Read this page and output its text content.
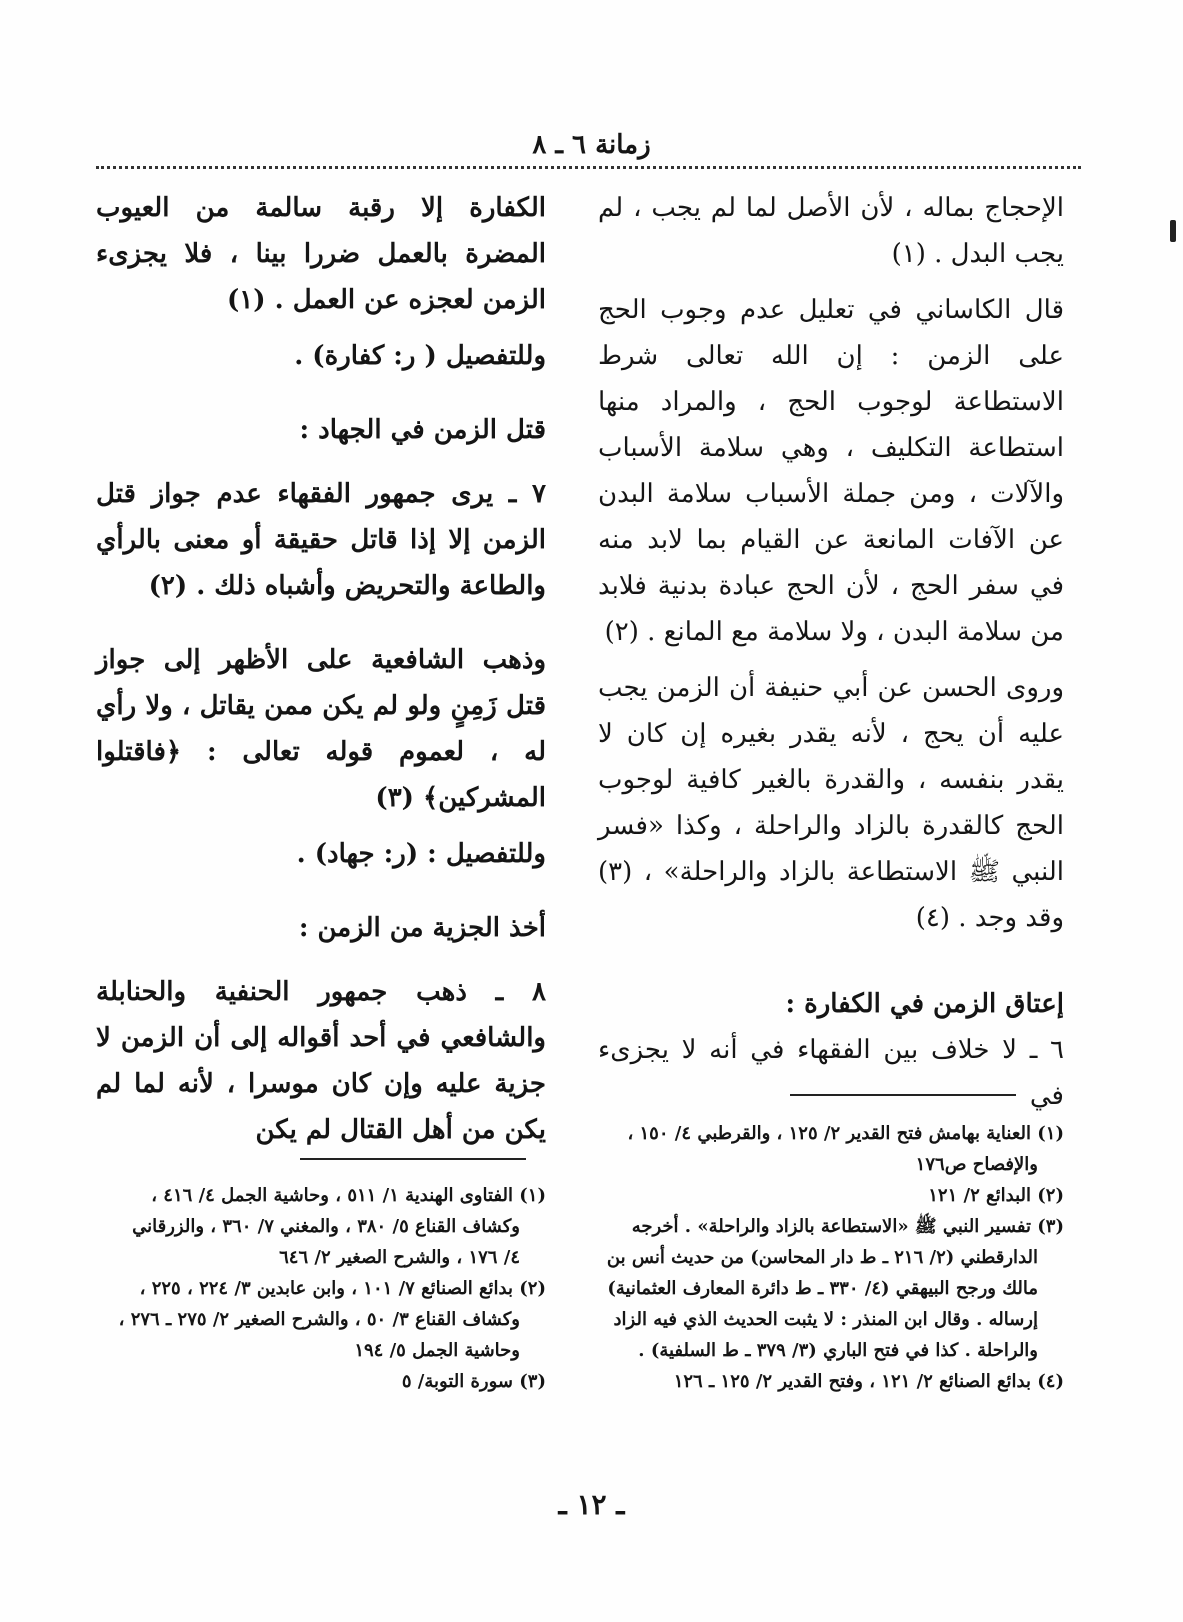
زمانة ٦ ـ ٨

الإحجاج بماله ، لأن الأصل لما لم يجب ، لم يجب البدل . (١)

قال الكاساني في تعليل عدم وجوب الحج على الزمن : إن الله تعالى شرط الاستطاعة لوجوب الحج ، والمراد منها استطاعة التكليف ، وهي سلامة الأسباب والآلات ، ومن جملة الأسباب سلامة البدن عن الآفات المانعة عن القيام بما لابد منه في سفر الحج ، لأن الحج عبادة بدنية فلابد من سلامة البدن ، ولا سلامة مع المانع . (٢)

وروى الحسن عن أبي حنيفة أن الزمن يجب عليه أن يحج ، لأنه يقدر بغيره إن كان لا يقدر بنفسه ، والقدرة بالغير كافية لوجوب الحج كالقدرة بالزاد والراحلة ، وكذا «فسر النبي ﷺ الاستطاعة بالزاد والراحلة» ، (٣) وقد وجد . (٤)

إعتاق الزمن في الكفارة :

٦ ـ لا خلاف بين الفقهاء في أنه لا يجزىء في

الكفارة إلا رقبة سالمة من العيوب المضرة بالعمل ضررا بينا ، فلا يجزىء الزمن لعجزه عن العمل . (١)

وللتفصيل ( ر: كفارة) .

قتل الزمن في الجهاد :

٧ ـ يرى جمهور الفقهاء عدم جواز قتل الزمن إلا إذا قاتل حقيقة أو معنى بالرأي والطاعة والتحريض وأشباه ذلك . (٢)

وذهب الشافعية على الأظهر إلى جواز قتل زَمِنٍ ولو لم يكن ممن يقاتل ، ولا رأي له ، لعموم قوله تعالى : ﴿فاقتلوا المشركين﴾ (٣)

وللتفصيل : (ر: جهاد) .

أخذ الجزية من الزمن :

٨ ـ ذهب جمهور الحنفية والحنابلة والشافعي في أحد أقواله إلى أن الزمن لا جزية عليه وإن كان موسرا ، لأنه لما لم يكن من أهل القتال لم يكن	(١) العناية بهامش فتح القدير ٢/ ١٢٥ ، والقرطبي ٤/ ١٥٠ ،

والإفصاح ص١٧٦

(٢) البدائع ٢/ ١٢١

(٣) تفسير النبي ﷺ «الاستطاعة بالزاد والراحلة» . أخرجه

الدارقطني (٢/ ٢١٦ ـ ط دار المحاسن) من حديث أنس بن

مالك ورجح البيهقي (٤/ ٣٣٠ ـ ط دائرة المعارف العثمانية)

إرساله . وقال ابن المنذر : لا يثبت الحديث الذي فيه الزاد

والراحلة . كذا في فتح الباري (٣/ ٣٧٩ ـ ط السلفية) .

(٤) بدائع الصنائع ٢/ ١٢١ ، وفتح القدير ٢/ ١٢٥ ـ ١٢٦

(١) الفتاوى الهندية ١/ ٥١١ ، وحاشية الجمل ٤/ ٤١٦ ،

وكشاف القناع ٥/ ٣٨٠ ، والمغني ٧/ ٣٦٠ ، والزرقاني

٤/ ١٧٦ ، والشرح الصغير ٢/ ٦٤٦

(٢) بدائع الصنائع ٧/ ١٠١ ، وابن عابدين ٣/ ٢٢٤ ، ٢٢٥ ،

وكشاف القناع ٣/ ٥٠ ، والشرح الصغير ٢/ ٢٧٥ ـ ٢٧٦ ،

وحاشية الجمل ٥/ ١٩٤

(٣) سورة التوبة/ ٥

ـ ١٢ ـ
